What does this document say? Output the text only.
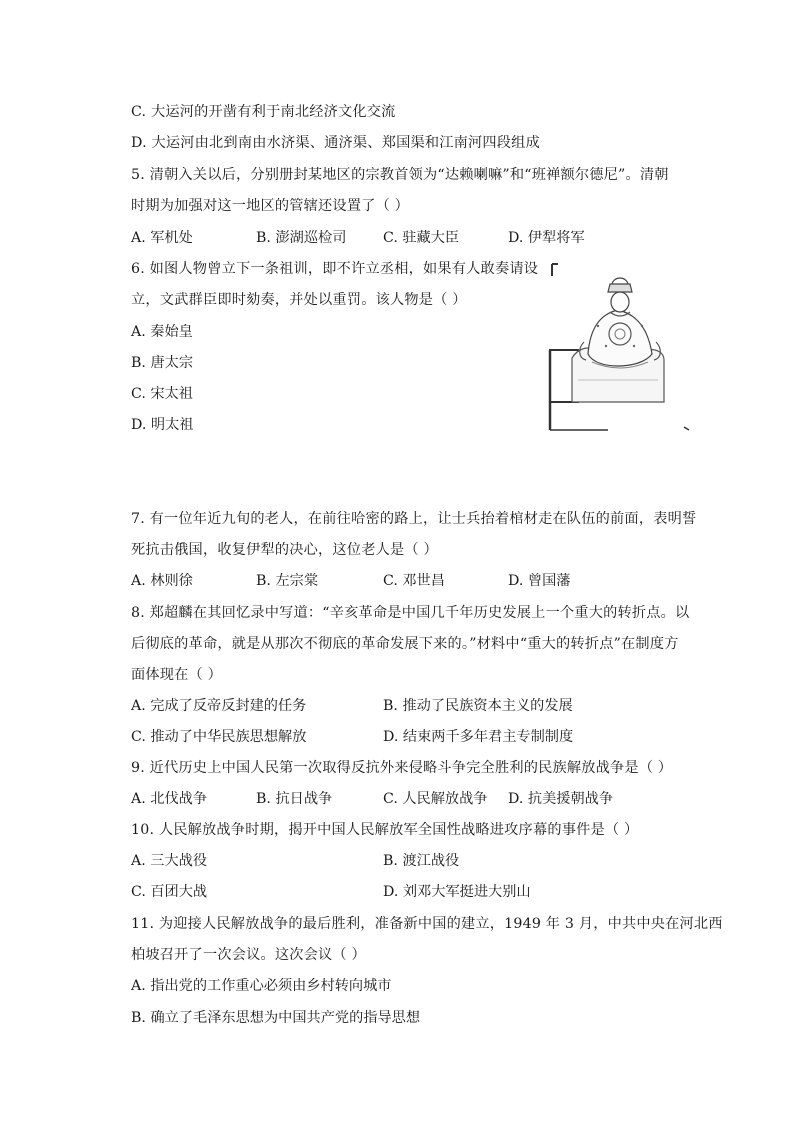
C. 大运河的开凿有利于南北经济文化交流
D. 大运河由北到南由水济渠、通济渠、郑国渠和江南河四段组成
5. 清朝入关以后，分别册封某地区的宗教首领为“达赖喇嘛”和“班禅额尔德尼”。清朝
时期为加强对这一地区的管辖还设置了（ ）
A. 军机处	B. 澎湖巡检司	C. 驻藏大臣	D. 伊犁将军
6. 如图人物曾立下一条祖训，即不许立丞相，如果有人敢奏请设
立，文武群臣即时劾奏，并处以重罚。该人物是（ ）
A. 秦始皇
B. 唐太宗
C. 宋太祖
D. 明太祖
7. 有一位年近九旬的老人，在前往哈密的路上，让士兵抬着棺材走在队伍的前面，表明誓
死抗击俄国，收复伊犁的决心，这位老人是（ ）
A. 林则徐	B. 左宗棠	C. 邓世昌	D. 曾国藩
8. 郑超麟在其回忆录中写道：“辛亥革命是中国几千年历史发展上一个重大的转折点。以
后彻底的革命，就是从那次不彻底的革命发展下来的。”材料中“重大的转折点”在制度方
面体现在（ ）
A. 完成了反帝反封建的任务	B. 推动了民族资本主义的发展
C. 推动了中华民族思想解放	D. 结束两千多年君主专制制度
9. 近代历史上中国人民第一次取得反抗外来侵略斗争完全胜利的民族解放战争是（ ）
A. 北伐战争	B. 抗日战争	C. 人民解放战争 D. 抗美援朝战争
10. 人民解放战争时期，揭开中国人民解放军全国性战略进攻序幕的事件是（ ）
A. 三大战役	B. 渡江战役
C. 百团大战	D. 刘邓大军挺进大别山
11. 为迎接人民解放战争的最后胜利，准备新中国的建立，1949 年 3 月，中共中央在河北西
柏坡召开了一次会议。这次会议（ ）
A. 指出党的工作重心必须由乡村转向城市
B. 确立了毛泽东思想为中国共产党的指导思想
